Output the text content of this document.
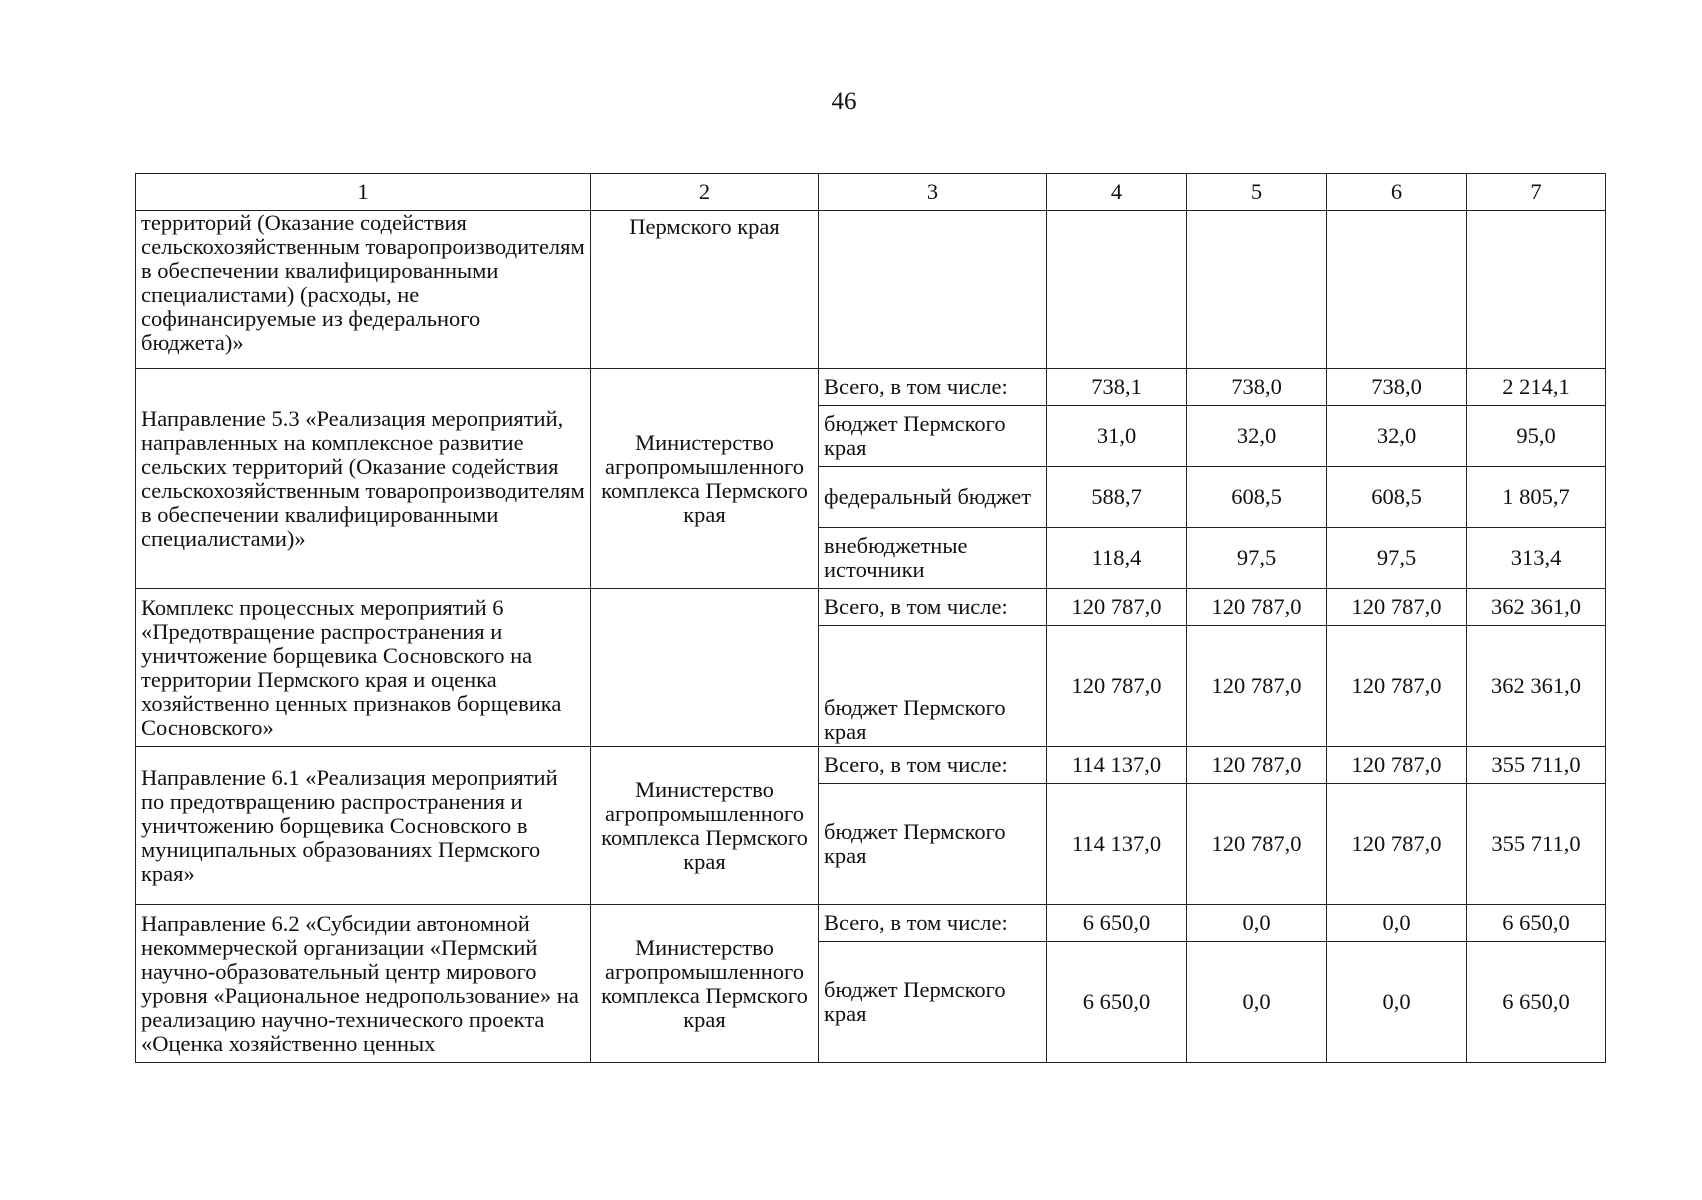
46
1	2	3	4	5	6	7
территорий (Оказание содействия сельскохозяйственным товаропроизводителям в обеспечении квалифицированными специалистами) (расходы, не софинансируемые из федерального бюджета)»	Пермского края					
Направление 5.3 «Реализация мероприятий, направленных на комплексное развитие сельских территорий (Оказание содействия сельскохозяйственным товаропроизводителям в обеспечении квалифицированными специалистами)»	Министерство агропромышленного комплекса Пермского края	Всего, в том числе:	738,1	738,0	738,0	2 214,1
		бюджет Пермского края	31,0	32,0	32,0	95,0
		федеральный бюджет	588,7	608,5	608,5	1 805,7
		внебюджетные источники	118,4	97,5	97,5	313,4
Комплекс процессных мероприятий 6 «Предотвращение распространения и уничтожение борщевика Сосновского на территории Пермского края и оценка хозяйственно ценных признаков борщевика Сосновского»		Всего, в том числе:	120 787,0	120 787,0	120 787,0	362 361,0
		бюджет Пермского края	120 787,0	120 787,0	120 787,0	362 361,0
Направление 6.1 «Реализация мероприятий по предотвращению распространения и уничтожению борщевика Сосновского в муниципальных образованиях Пермского края»	Министерство агропромышленного комплекса Пермского края	Всего, в том числе:	114 137,0	120 787,0	120 787,0	355 711,0
		бюджет Пермского края	114 137,0	120 787,0	120 787,0	355 711,0
Направление 6.2 «Субсидии автономной некоммерческой организации «Пермский научно-образовательный центр мирового уровня «Рациональное недропользование» на реализацию научно-технического проекта «Оценка хозяйственно ценных	Министерство агропромышленного комплекса Пермского края	Всего, в том числе:	6 650,0	0,0	0,0	6 650,0
		бюджет Пермского края	6 650,0	0,0	0,0	6 650,0
